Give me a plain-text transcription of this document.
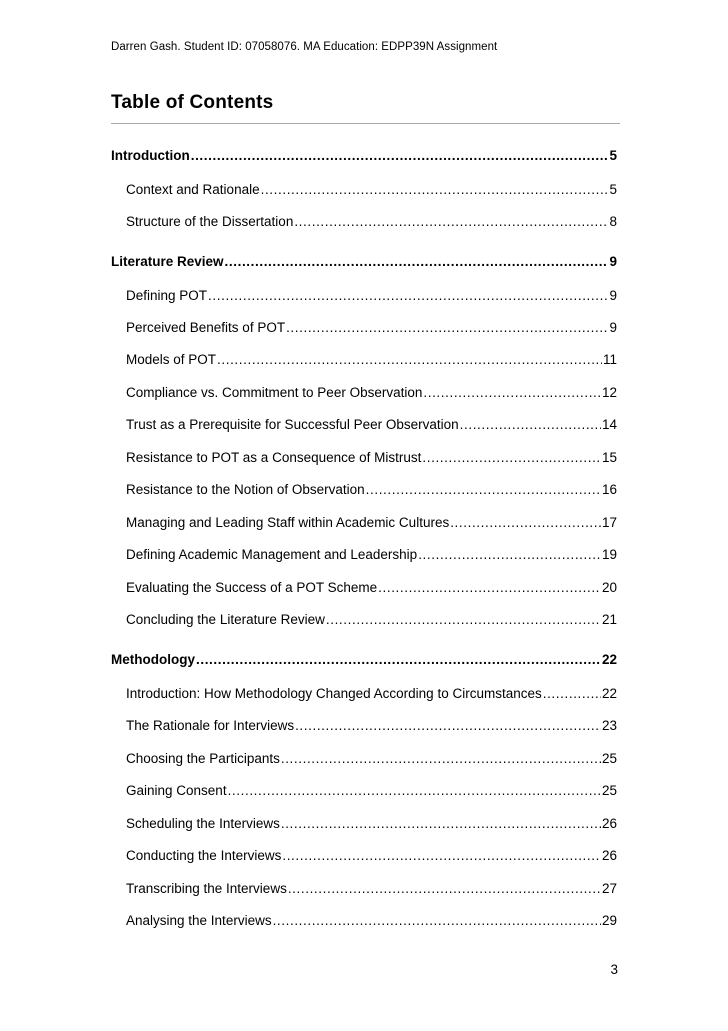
Darren Gash. Student ID: 07058076. MA Education: EDPP39N Assignment
Table of Contents
Introduction .....	5
Context and Rationale .....	5
Structure of the Dissertation .....	8
Literature Review .....	9
Defining POT .....	9
Perceived Benefits of POT .....	9
Models of POT .....	11
Compliance vs. Commitment to Peer Observation .....	12
Trust as a Prerequisite for Successful Peer Observation .....	14
Resistance to POT as a Consequence of Mistrust .....	15
Resistance to the Notion of Observation .....	16
Managing and Leading Staff within Academic Cultures .....	17
Defining Academic Management and Leadership .....	19
Evaluating the Success of a POT Scheme .....	20
Concluding the Literature Review .....	21
Methodology .....	22
Introduction: How Methodology Changed According to Circumstances .....	22
The Rationale for Interviews .....	23
Choosing the Participants .....	25
Gaining Consent .....	25
Scheduling the Interviews .....	26
Conducting the Interviews .....	26
Transcribing the Interviews .....	27
Analysing the Interviews .....	29
3
